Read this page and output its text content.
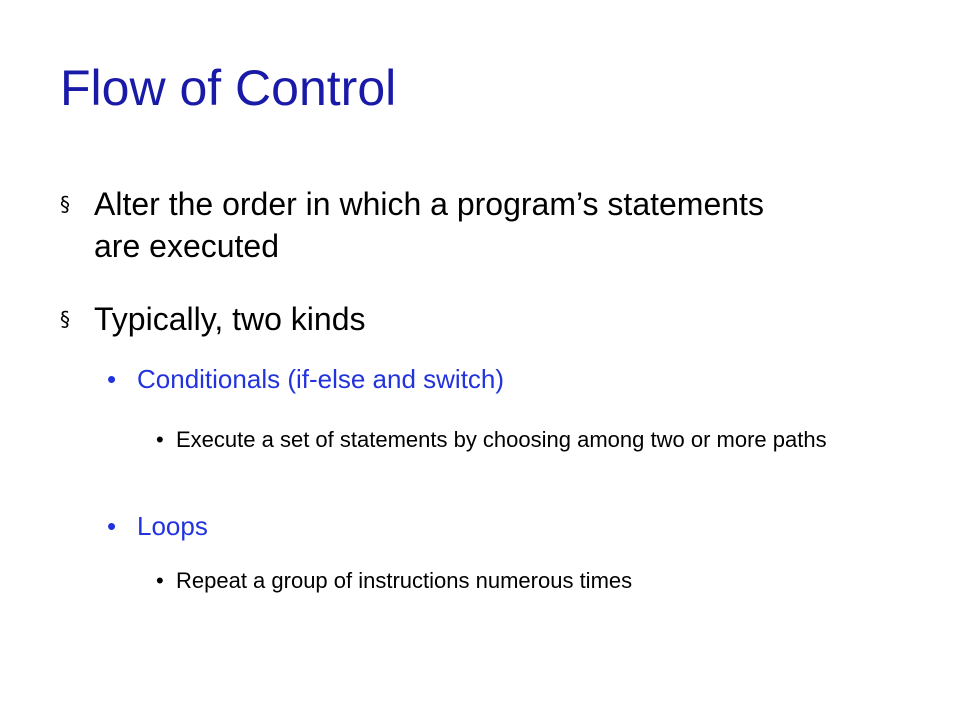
Flow of Control
§ Alter the order in which a program’s statements are executed
§ Typically, two kinds
• Conditionals (if-else and switch)
• Execute a set of statements by choosing among two or more paths
• Loops
• Repeat a group of instructions numerous times
